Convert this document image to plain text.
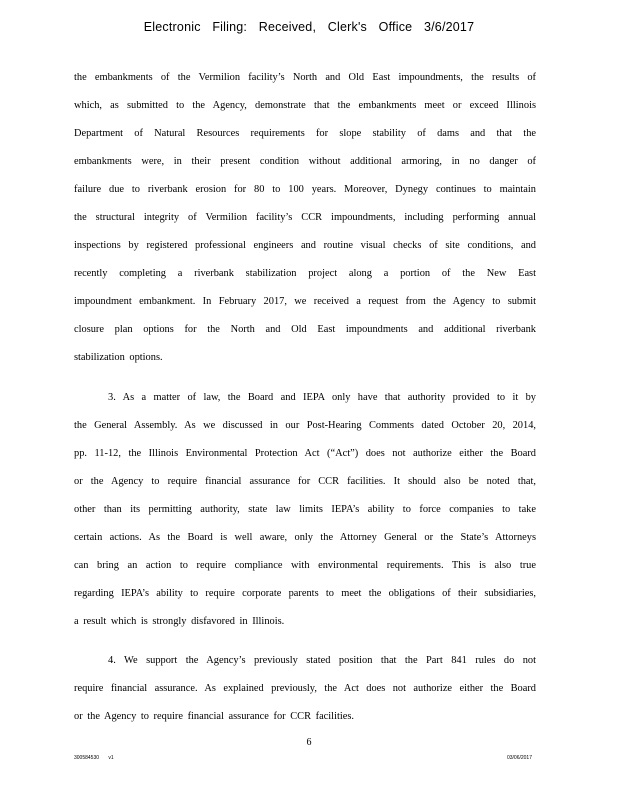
Electronic Filing: Received, Clerk's Office 3/6/2017
the embankments of the Vermilion facility’s North and Old East impoundments, the results of
which, as submitted to the Agency, demonstrate that the embankments meet or exceed Illinois
Department of Natural Resources requirements for slope stability of dams and that the
embankments were, in their present condition without additional armoring, in no danger of
failure due to riverbank erosion for 80 to 100 years. Moreover, Dynegy continues to maintain
the structural integrity of Vermilion facility’s CCR impoundments, including performing annual
inspections by registered professional engineers and routine visual checks of site conditions, and
recently completing a riverbank stabilization project along a portion of the New East
impoundment embankment. In February 2017, we received a request from the Agency to submit
closure plan options for the North and Old East impoundments and additional riverbank
stabilization options.
3. As a matter of law, the Board and IEPA only have that authority provided to it by
the General Assembly. As we discussed in our Post-Hearing Comments dated October 20, 2014,
pp. 11-12, the Illinois Environmental Protection Act (“Act”) does not authorize either the Board
or the Agency to require financial assurance for CCR facilities. It should also be noted that,
other than its permitting authority, state law limits IEPA’s ability to force companies to take
certain actions. As the Board is well aware, only the Attorney General or the State’s Attorneys
can bring an action to require compliance with environmental requirements. This is also true
regarding IEPA’s ability to require corporate parents to meet the obligations of their subsidiaries,
a result which is strongly disfavored in Illinois.
4. We support the Agency’s previously stated position that the Part 841 rules do not
require financial assurance. As explained previously, the Act does not authorize either the Board
or the Agency to require financial assurance for CCR facilities.
6
300584530 v1	03/06/2017
